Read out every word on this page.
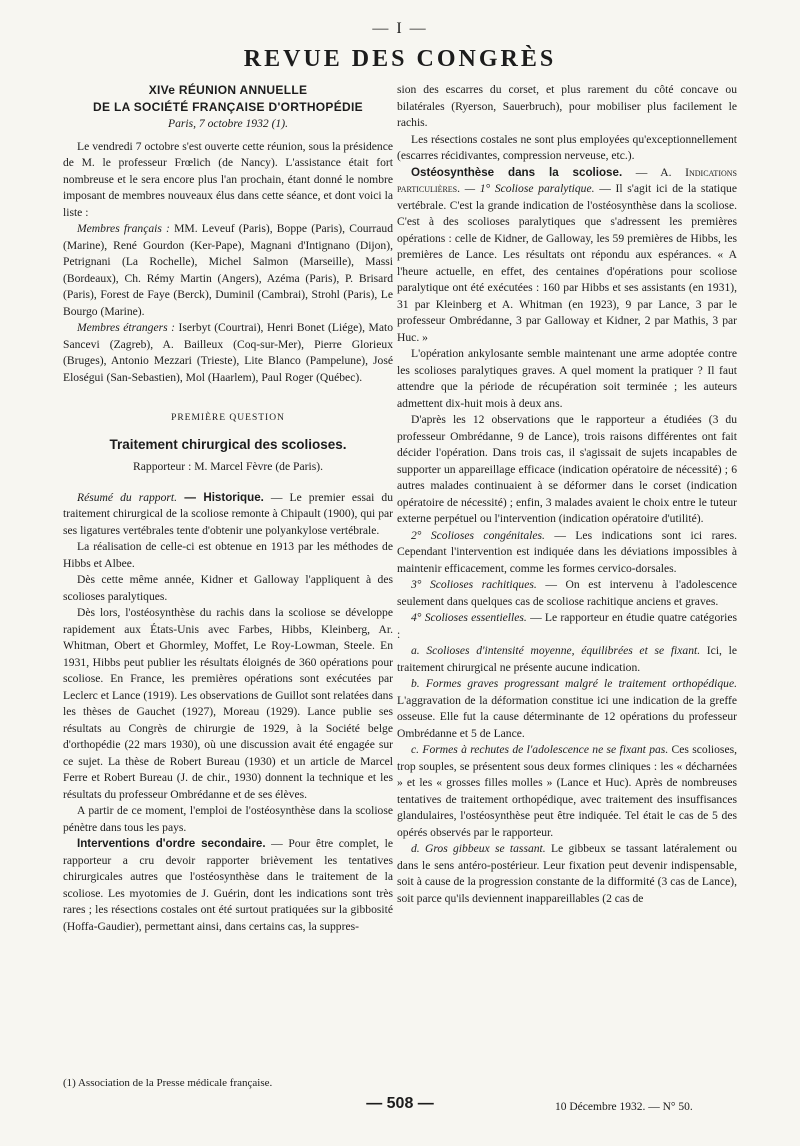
— I —
REVUE DES CONGRÈS
XIVe RÉUNION ANNUELLE
DE LA SOCIÉTÉ FRANÇAISE D'ORTHOPÉDIE
Paris, 7 octobre 1932 (1).

Le vendredi 7 octobre s'est ouverte cette réunion, sous la présidence de M. le professeur Frœlich (de Nancy). L'assistance était fort nombreuse et le sera encore plus l'an prochain, étant donné le nombre imposant de membres nouveaux élus dans cette séance, et dont voici la liste :

Membres français : MM. Leveuf (Paris), Boppe (Paris), Courraud (Marine), René Gourdon (Ker-Pape), Magnani d'Intignano (Dijon), Petrignani (La Rochelle), Michel Salmon (Marseille), Massi (Bordeaux), Ch. Rémy Martin (Angers), Azéma (Paris), P. Brisard (Paris), Forest de Faye (Berck), Duminil (Cambrai), Strohl (Paris), Le Bourgo (Marine).

Membres étrangers : Iserbyt (Courtrai), Henri Bonet (Liége), Mato Sancevi (Zagreb), A. Bailleux (Coq-sur-Mer), Pierre Glorieux (Bruges), Antonio Mezzari (Trieste), Lite Blanco (Pampelune), José Eloségui (San-Sebastien), Mol (Haarlem), Paul Roger (Québec).

PREMIÈRE QUESTION
Traitement chirurgical des scolioses.
Rapporteur : M. Marcel Fèvre (de Paris).

Résumé du rapport. — Historique. — Le premier essai du traitement chirurgical de la scoliose remonte à Chipault (1900), qui par ses ligatures vertébrales tente d'obtenir une polyankylose vertébrale.

La réalisation de celle-ci est obtenue en 1913 par les méthodes de Hibbs et Albee.

Dès cette même année, Kidner et Galloway l'appliquent à des scolioses paralytiques.

Dès lors, l'ostéosynthèse du rachis dans la scoliose se développe rapidement aux États-Unis avec Farbes, Hibbs, Kleinberg, Ar. Whitman, Obert et Ghormley, Moffet, Le Roy-Lowman, Steele. En 1931, Hibbs peut publier les résultats éloignés de 360 opérations pour scoliose. En France, les premières opérations sont exécutées par Leclerc et Lance (1919). Les observations de Guillot sont relatées dans les thèses de Gauchet (1927), Moreau (1929). Lance publie ses résultats au Congrès de chirurgie de 1929, à la Société belge d'orthopédie (22 mars 1930), où une discussion avait été engagée sur ce sujet. La thèse de Robert Bureau (1930) et un article de Marcel Ferre et Robert Bureau (J. de chir., 1930) donnent la technique et les résultats du professeur Ombrédanne et de ses élèves.

A partir de ce moment, l'emploi de l'ostéosynthèse dans la scoliose pénètre dans tous les pays.

Interventions d'ordre secondaire. — Pour être complet, le rapporteur a cru devoir rapporter brièvement les tentatives chirurgicales autres que l'ostéosynthèse dans le traitement de la scoliose. Les myotomies de J. Guérin, dont les indications sont très rares ; les résections costales ont été surtout pratiquées sur la gibbosité (Hoffa-Gaudier), permettant ainsi, dans certains cas, la suppres-

sion des escarres du corset, et plus rarement du côté concave ou bilatérales (Ryerson, Sauerbruch), pour mobiliser plus facilement le rachis.

Les résections costales ne sont plus employées qu'exceptionnellement (escarres récidivantes, compression nerveuse, etc.).

Ostéosynthèse dans la scoliose. — A. Indications particulières. — 1° Scoliose paralytique. — Il s'agit ici de la statique vertébrale. C'est la grande indication de l'ostéosynthèse dans la scoliose. C'est à des scolioses paralytiques que s'adressent les premières opérations : celle de Kidner, de Galloway, les 59 premières de Hibbs, les premières de Lance. Les résultats ont répondu aux espérances. « A l'heure actuelle, en effet, des centaines d'opérations pour scoliose paralytique ont été exécutées : 160 par Hibbs et ses assistants (en 1931), 31 par Kleinberg et A. Whitman (en 1923), 9 par Lance, 3 par le professeur Ombrédanne, 3 par Galloway et Kidner, 2 par Mathis, 3 par Huc. »

L'opération ankylosante semble maintenant une arme adoptée contre les scolioses paralytiques graves. A quel moment la pratiquer ? Il faut attendre que la période de récupération soit terminée ; les auteurs admettent dix-huit mois à deux ans.

D'après les 12 observations que le rapporteur a étudiées (3 du professeur Ombrédanne, 9 de Lance), trois raisons différentes ont fait décider l'opération. Dans trois cas, il s'agissait de sujets incapables de supporter un appareillage efficace (indication opératoire de nécessité) ; 6 autres malades continuaient à se déformer dans le corset (indication opératoire de nécessité) ; enfin, 3 malades avaient le choix entre le tuteur externe perpétuel ou l'intervention (indication opératoire d'utilité).

2° Scolioses congénitales. — Les indications sont ici rares. Cependant l'intervention est indiquée dans les déviations impossibles à maintenir efficacement, comme les formes cervico-dorsales.

3° Scolioses rachitiques. — On est intervenu à l'adolescence seulement dans quelques cas de scoliose rachitique anciens et graves.

4° Scolioses essentielles. — Le rapporteur en étudie quatre catégories :

a. Scolioses d'intensité moyenne, équilibrées et se fixant. Ici, le traitement chirurgical ne présente aucune indication.

b. Formes graves progressant malgré le traitement orthopédique. L'aggravation de la déformation constitue ici une indication de la greffe osseuse. Elle fut la cause déterminante de 12 opérations du professeur Ombrédanne et 5 de Lance.

c. Formes à rechutes de l'adolescence ne se fixant pas. Ces scolioses, trop souples, se présentent sous deux formes cliniques : les « décharnées » et les « grosses filles molles » (Lance et Huc). Après de nombreuses tentatives de traitement orthopédique, avec traitement des insuffisances glandulaires, l'ostéosynthèse peut être indiquée. Tel était le cas de 5 des opérés observés par le rapporteur.

d. Gros gibbeux se tassant. Le gibbeux se tassant latéralement ou dans le sens antéro-postérieur. Leur fixation peut devenir indispensable, soit à cause de la progression constante de la difformité (3 cas de Lance), soit parce qu'ils deviennent inappareillables (2 cas de

(1) Association de la Presse médicale française.
— 508 —	10 Décembre 1932. — N° 50.
